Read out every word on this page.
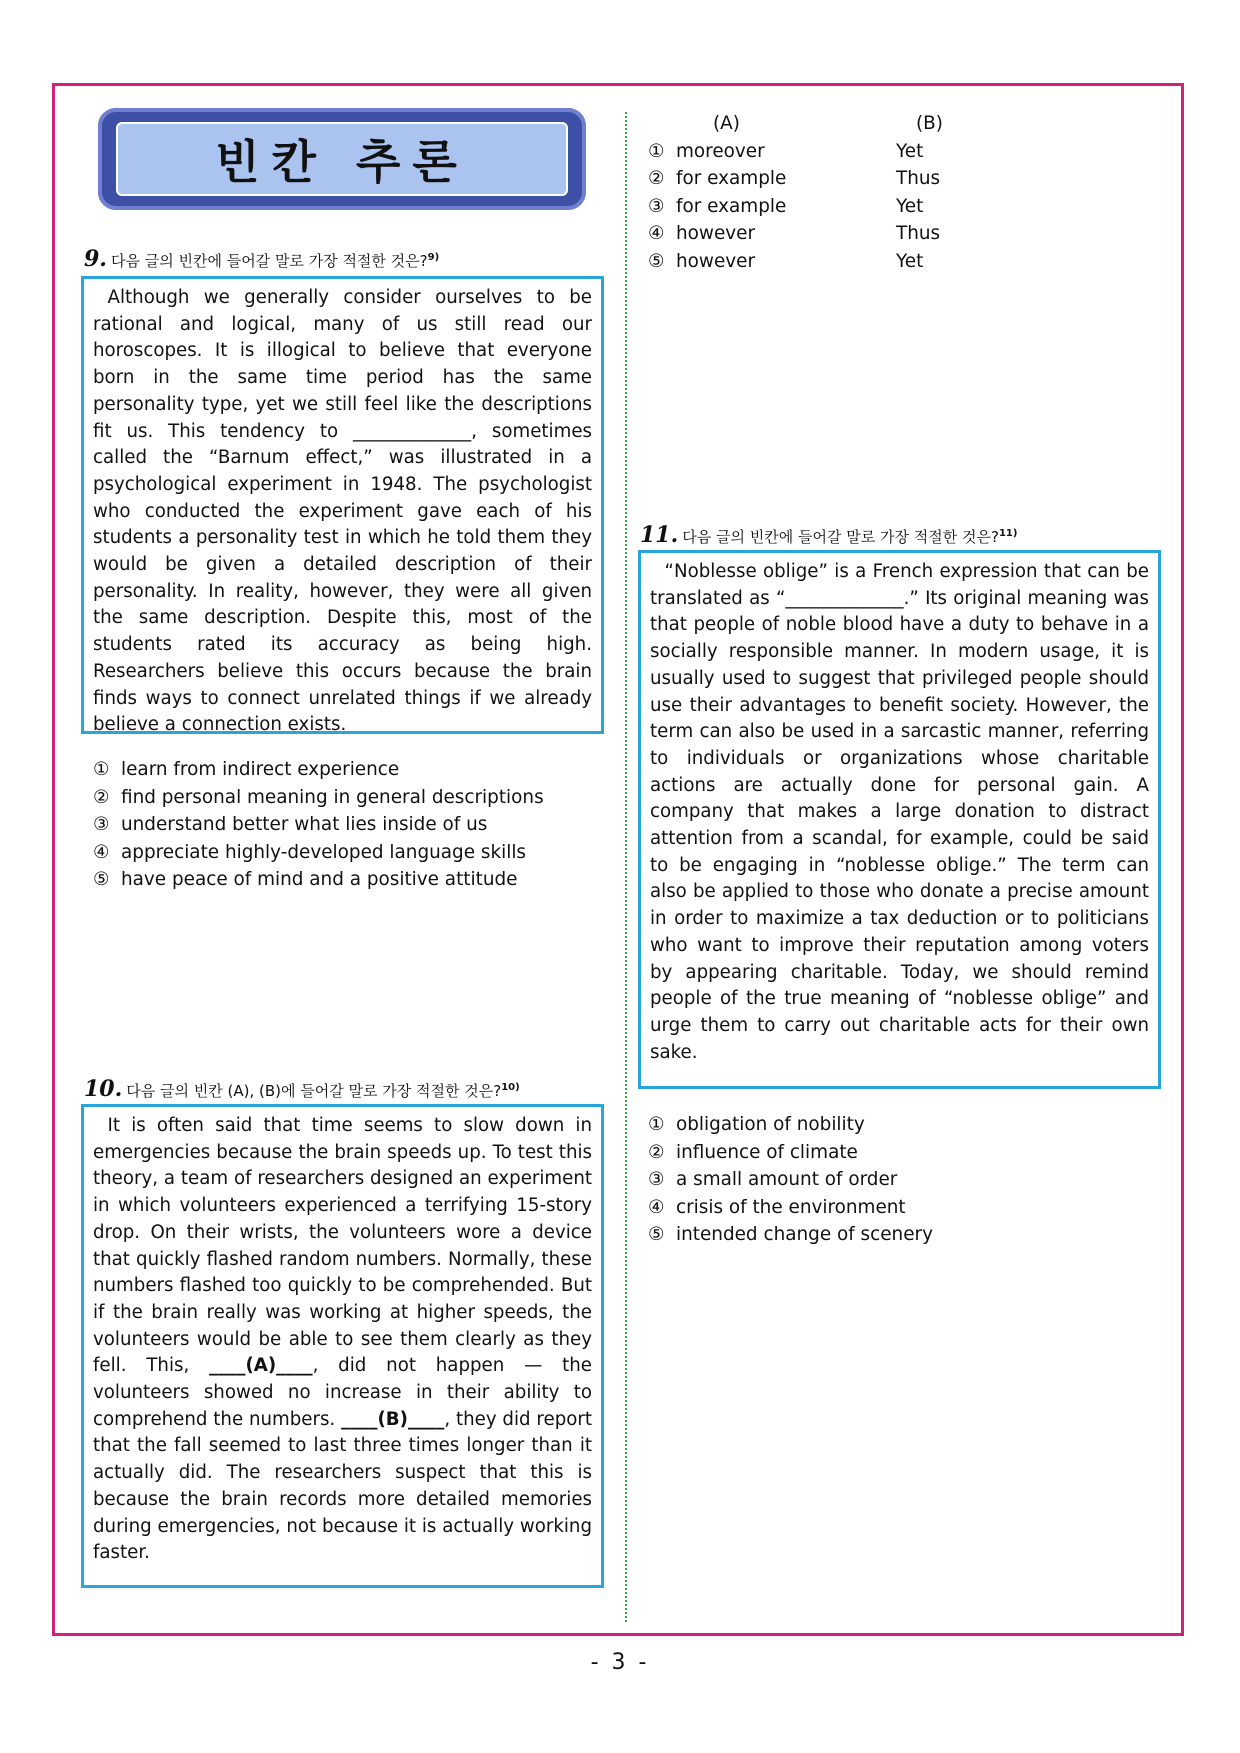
빈칸 추론
9. 다음 글의 빈칸에 들어갈 말로 가장 적절한 것은?$^{9)}$

Although we generally consider ourselves to be rational and logical, many of us still read our horoscopes. It is illogical to believe that everyone born in the same time period has the same personality type, yet we still feel like the descriptions fit us. This tendency to _____________, sometimes called the “Barnum effect,” was illustrated in a psychological experiment in 1948. The psychologist who conducted the experiment gave each of his students a personality test in which he told them they would be given a detailed description of their personality. In reality, however, they were all given the same description. Despite this, most of the students rated its accuracy as being high. Researchers believe this occurs because the brain finds ways to connect unrelated things if we already believe a connection exists.

① learn from indirect experience
② find personal meaning in general descriptions
③ understand better what lies inside of us
④ appreciate highly-developed language skills
⑤ have peace of mind and a positive attitude
10. 다음 글의 빈칸 (A), (B)에 들어갈 말로 가장 적절한 것은?$^{10)}$

It is often said that time seems to slow down in emergencies because the brain speeds up. To test this theory, a team of researchers designed an experiment in which volunteers experienced a terrifying 15-story drop. On their wrists, the volunteers wore a device that quickly flashed random numbers. Normally, these numbers flashed too quickly to be comprehended. But if the brain really was working at higher speeds, the volunteers would be able to see them clearly as they fell. This, ____(A)____, did not happen — the volunteers showed no increase in their ability to comprehend the numbers. ____(B)____, they did report that the fall seemed to last three times longer than it actually did. The researchers suspect that this is because the brain records more detailed memories during emergencies, not because it is actually working faster.

(A)	(B)
① moreover	Yet
② for example	Thus
③ for example	Yet
④ however	Thus
⑤ however	Yet
11. 다음 글의 빈칸에 들어갈 말로 가장 적절한 것은?$^{11)}$

“Noblesse oblige” is a French expression that can be translated as “_____________.” Its original meaning was that people of noble blood have a duty to behave in a socially responsible manner. In modern usage, it is usually used to suggest that privileged people should use their advantages to benefit society. However, the term can also be used in a sarcastic manner, referring to individuals or organizations whose charitable actions are actually done for personal gain. A company that makes a large donation to distract attention from a scandal, for example, could be said to be engaging in “noblesse oblige.” The term can also be applied to those who donate a precise amount in order to maximize a tax deduction or to politicians who want to improve their reputation among voters by appearing charitable. Today, we should remind people of the true meaning of “noblesse oblige” and urge them to carry out charitable acts for their own sake.

① obligation of nobility
② influence of climate
③ a small amount of order
④ crisis of the environment
⑤ intended change of scenery
- 3 -
